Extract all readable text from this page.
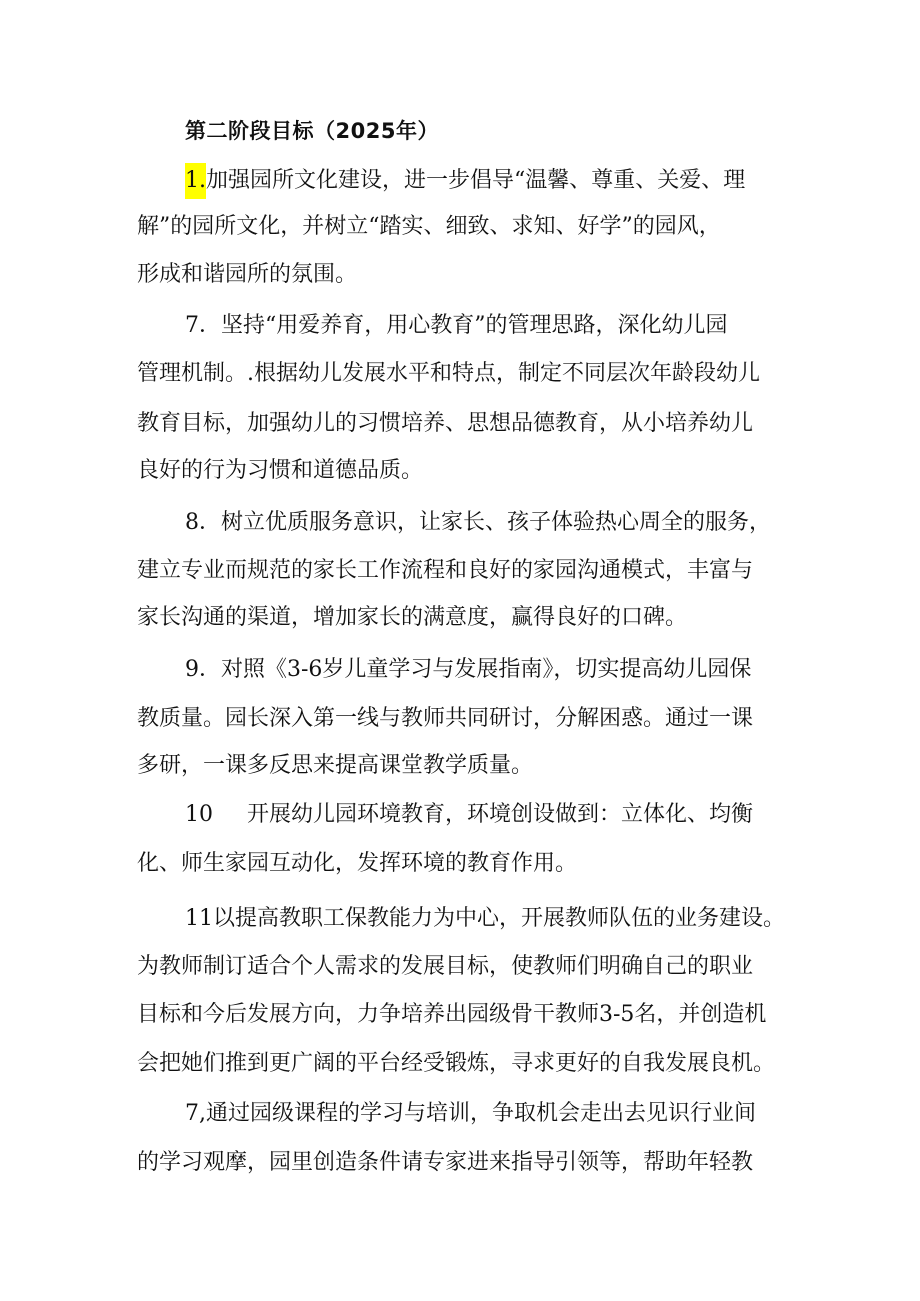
第二阶段目标（2025年）
1.加强园所文化建设，进一步倡导“温馨、尊重、关爱、理
解”的园所文化，并树立“踏实、细致、求知、好学”的园风，
形成和谐园所的氛围。
7．坚持“用爱养育，用心教育”的管理思路，深化幼儿园
管理机制。.根据幼儿发展水平和特点，制定不同层次年龄段幼儿
教育目标，加强幼儿的习惯培养、思想品德教育，从小培养幼儿
良好的行为习惯和道德品质。
8．树立优质服务意识，让家长、孩子体验热心周全的服务，
建立专业而规范的家长工作流程和良好的家园沟通模式，丰富与
家长沟通的渠道，增加家长的满意度，赢得良好的口碑。
9．对照《3-6岁儿童学习与发展指南》，切实提高幼儿园保
教质量。园长深入第一线与教师共同研讨，分解困惑。通过一课
多研，一课多反思来提高课堂教学质量。
10 开展幼儿园环境教育，环境创设做到：立体化、均衡
化、师生家园互动化，发挥环境的教育作用。
11以提高教职工保教能力为中心，开展教师队伍的业务建设。
为教师制订适合个人需求的发展目标，使教师们明确自己的职业
目标和今后发展方向，力争培养出园级骨干教师3-5名，并创造机
会把她们推到更广阔的平台经受锻炼，寻求更好的自我发展良机。
7,通过园级课程的学习与培训，争取机会走出去见识行业间
的学习观摩，园里创造条件请专家进来指导引领等，帮助年轻教
